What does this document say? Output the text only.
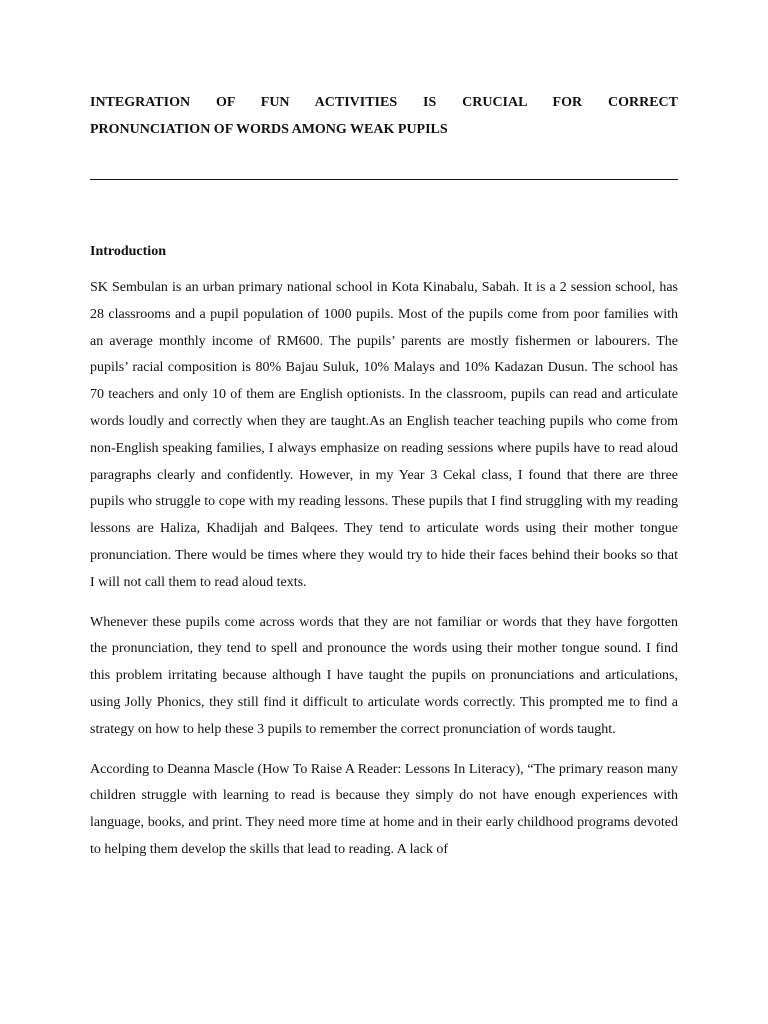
INTEGRATION OF FUN ACTIVITIES IS CRUCIAL FOR CORRECT
PRONUNCIATION OF WORDS AMONG WEAK PUPILS
Introduction

SK Sembulan is an urban primary national school in Kota Kinabalu, Sabah. It is a 2 session school, has 28 classrooms and a pupil population of 1000 pupils. Most of the pupils come from poor families with an average monthly income of RM600. The pupils’ parents are mostly fishermen or labourers. The pupils’ racial composition is 80% Bajau Suluk, 10% Malays and 10% Kadazan Dusun. The school has 70 teachers and only 10 of them are English optionists. In the classroom, pupils can read and articulate words loudly and correctly when they are taught.As an English teacher teaching pupils who come from non-English speaking families, I always emphasize on reading sessions where pupils have to read aloud paragraphs clearly and confidently. However, in my Year 3 Cekal class, I found that there are three pupils who struggle to cope with my reading lessons. These pupils that I find struggling with my reading lessons are Haliza, Khadijah and Balqees. They tend to articulate words using their mother tongue pronunciation. There would be times where they would try to hide their faces behind their books so that I will not call them to read aloud texts.

Whenever these pupils come across words that they are not familiar or words that they have forgotten the pronunciation, they tend to spell and pronounce the words using their mother tongue sound. I find this problem irritating because although I have taught the pupils on pronunciations and articulations, using Jolly Phonics, they still find it difficult to articulate words correctly. This prompted me to find a strategy on how to help these 3 pupils to remember the correct pronunciation of words taught.

According to Deanna Mascle (How To Raise A Reader: Lessons In Literacy), “The primary reason many children struggle with learning to read is because they simply do not have enough experiences with language, books, and print. They need more time at home and in their early childhood programs devoted to helping them develop the skills that lead to reading. A lack of
